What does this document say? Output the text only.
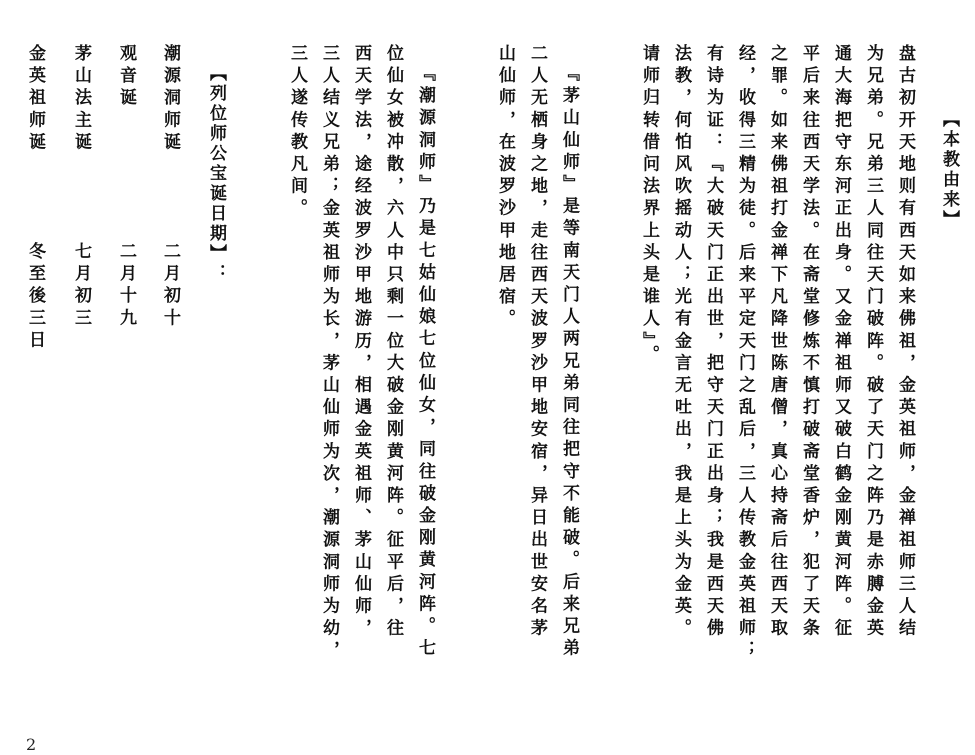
【本教由来】
盘古初开天地则有西天如来佛祖，金英祖师，金禅祖师三人结
为兄弟。兄弟三人同往天门破阵。破了天门之阵乃是赤膊金英
通大海把守东河正出身。又金禅祖师又破白鹤金刚黄河阵。征
平后来往西天学法。在斋堂修炼不慎打破斋堂香炉，犯了天条
之罪。如来佛祖打金禅下凡降世陈唐僧，真心持斋后往西天取
经，收得三精为徒。后来平定天门之乱后，三人传教金英祖师；
有诗为证：『大破天门正出世，把守天门正出身；我是西天佛
法教，何怕风吹摇动人；光有金言无吐出，我是上头为金英。
请师归转借问法界上头是谁人』。
『茅山仙师』是等南天门人两兄弟同往把守不能破。后来兄弟
二人无栖身之地，走往西天波罗沙甲地安宿，异日出世安名茅
山仙师，在波罗沙甲地居宿。
『潮源洞师』乃是七姑仙娘七位仙女，同往破金刚黄河阵。七
位仙女被冲散，六人中只剩一位大破金刚黄河阵。征平后，往
西天学法，途经波罗沙甲地游历，相遇金英祖师、茅山仙师，
三人结义兄弟；金英祖师为长，茅山仙师为次，潮源洞师为幼，
三人遂传教凡间。
【列位师公宝诞日期】：
潮源洞师诞
观音诞
茅山法主诞
金英祖师诞
二月初十
二月十九
七月初三
冬至後三日
2
